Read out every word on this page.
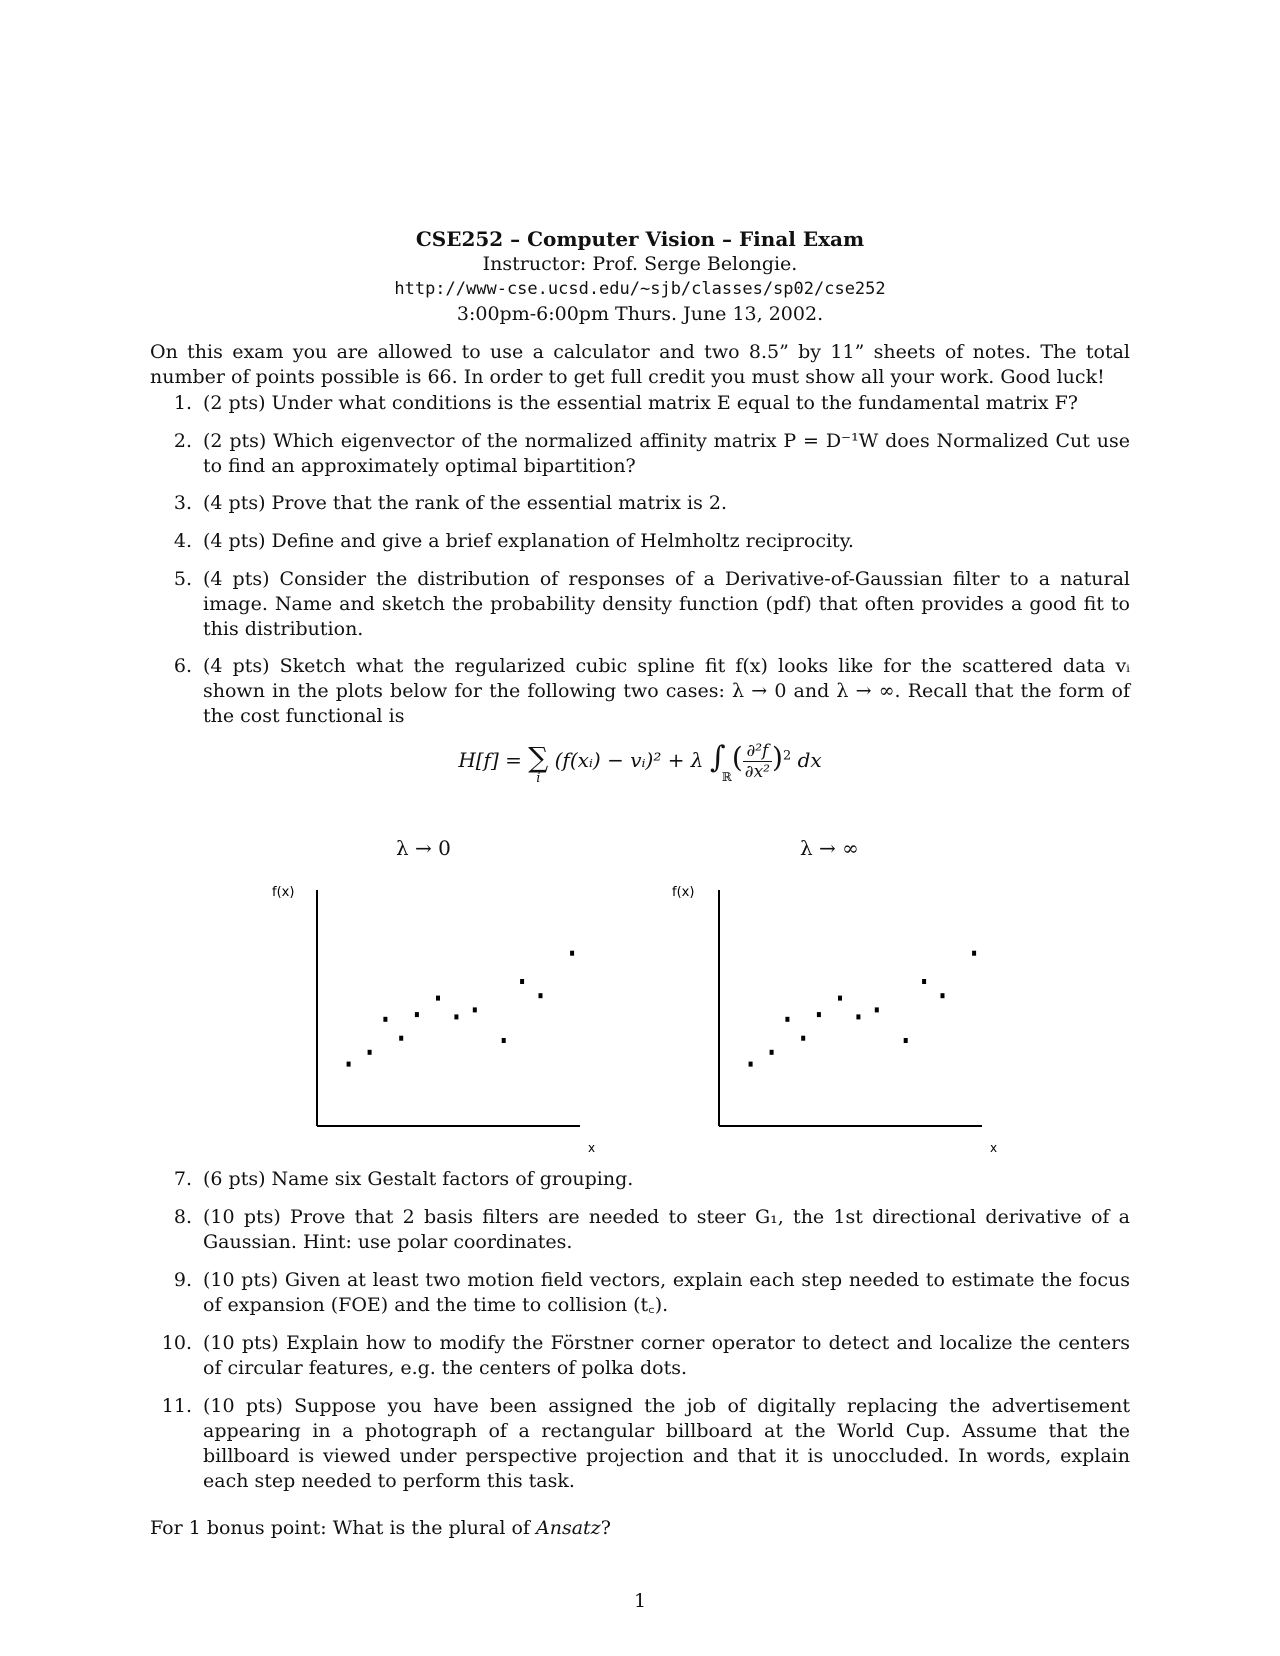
CSE252 – Computer Vision – Final Exam
Instructor: Prof. Serge Belongie.
http://www-cse.ucsd.edu/~sjb/classes/sp02/cse252
3:00pm-6:00pm Thurs. June 13, 2002.
On this exam you are allowed to use a calculator and two 8.5” by 11” sheets of notes. The total number of points possible is 66. In order to get full credit you must show all your work. Good luck!
1. (2 pts) Under what conditions is the essential matrix E equal to the fundamental matrix F?
2. (2 pts) Which eigenvector of the normalized affinity matrix P = D⁻¹W does Normalized Cut use to find an approximately optimal bipartition?
3. (4 pts) Prove that the rank of the essential matrix is 2.
4. (4 pts) Define and give a brief explanation of Helmholtz reciprocity.
5. (4 pts) Consider the distribution of responses of a Derivative-of-Gaussian filter to a natural image. Name and sketch the probability density function (pdf) that often provides a good fit to this distribution.
6. (4 pts) Sketch what the regularized cubic spline fit f(x) looks like for the scattered data vᵢ shown in the plots below for the following two cases: λ → 0 and λ → ∞. Recall that the form of the cost functional is
H[f] = ∑
i
(f(xᵢ) − vᵢ)² + λ ∫
ℝ
( $\frac{\text{∂²f}}{\text{∂x²}} )^2$ dx
λ → 0	λ → ∞
f(x)
x
f(x)
x
7. (6 pts) Name six Gestalt factors of grouping.
8. (10 pts) Prove that 2 basis filters are needed to steer G₁, the 1st directional derivative of a Gaussian. Hint: use polar coordinates.
9. (10 pts) Given at least two motion field vectors, explain each step needed to estimate the focus of expansion (FOE) and the time to collision (t꜀).
10. (10 pts) Explain how to modify the Förstner corner operator to detect and localize the centers of circular features, e.g. the centers of polka dots.
11. (10 pts) Suppose you have been assigned the job of digitally replacing the advertisement appearing in a photograph of a rectangular billboard at the World Cup. Assume that the billboard is viewed under perspective projection and that it is unoccluded. In words, explain each step needed to perform this task.
For 1 bonus point: What is the plural of Ansatz?
1
